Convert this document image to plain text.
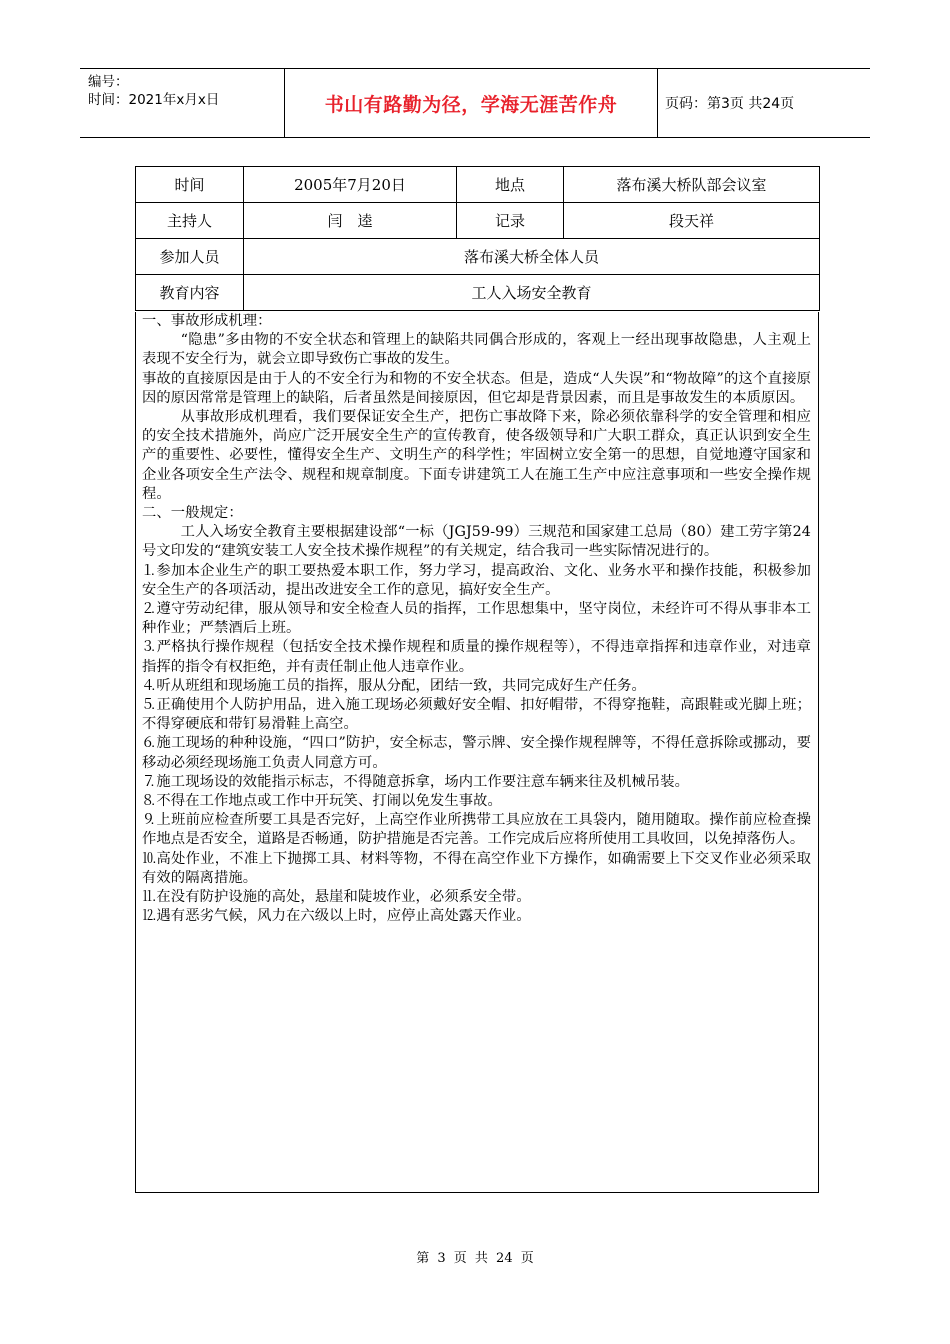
编号：
时间：2021年x月x日	书山有路勤为径，学海无涯苦作舟	页码：第3页 共24页
时间	2005年7月20日	地点	落布溪大桥队部会议室
主持人	闫　逵	记录	段天祥
参加人员	落布溪大桥全体人员		
教育内容	工人入场安全教育		

一、事故形成机理：

“隐患”多由物的不安全状态和管理上的缺陷共同偶合形成的，客观上一经出现事故隐患，人主观上表现不安全行为，就会立即导致伤亡事故的发生。

事故的直接原因是由于人的不安全行为和物的不安全状态。但是，造成“人失误”和“物故障”的这个直接原因的原因常常是管理上的缺陷，后者虽然是间接原因，但它却是背景因素，而且是事故发生的本质原因。

从事故形成机理看，我们要保证安全生产，把伤亡事故降下来，除必须依靠科学的安全管理和相应的安全技术措施外，尚应广泛开展安全生产的宣传教育，使各级领导和广大职工群众，真正认识到安全生产的重要性、必要性，懂得安全生产、文明生产的科学性；牢固树立安全第一的思想，自觉地遵守国家和企业各项安全生产法令、规程和规章制度。下面专讲建筑工人在施工生产中应注意事项和一些安全操作规程。

二、一般规定：

工人入场安全教育主要根据建设部“一标（JGJ59-99）三规范和国家建工总局（80）建工劳字第24号文印发的“建筑安装工人安全技术操作规程”的有关规定，结合我司一些实际情况进行的。

⒈参加本企业生产的职工要热爱本职工作，努力学习，提高政治、文化、业务水平和操作技能，积极参加安全生产的各项活动，提出改进安全工作的意见，搞好安全生产。

⒉遵守劳动纪律，服从领导和安全检查人员的指挥，工作思想集中，坚守岗位，未经许可不得从事非本工种作业；严禁酒后上班。

⒊严格执行操作规程（包括安全技术操作规程和质量的操作规程等），不得违章指挥和违章作业，对违章指挥的指令有权拒绝，并有责任制止他人违章作业。

⒋听从班组和现场施工员的指挥，服从分配，团结一致，共同完成好生产任务。

⒌正确使用个人防护用品，进入施工现场必须戴好安全帽、扣好帽带，不得穿拖鞋，高跟鞋或光脚上班；不得穿硬底和带钉易滑鞋上高空。

⒍施工现场的种种设施，“四口”防护，安全标志，警示牌、安全操作规程牌等，不得任意拆除或挪动，要移动必须经现场施工负责人同意方可。

⒎施工现场设的效能指示标志，不得随意拆拿，场内工作要注意车辆来往及机械吊装。

⒏不得在工作地点或工作中开玩笑、打闹以免发生事故。

⒐上班前应检查所要工具是否完好，上高空作业所携带工具应放在工具袋内，随用随取。操作前应检查操作地点是否安全，道路是否畅通，防护措施是否完善。工作完成后应将所使用工具收回，以免掉落伤人。

⒑高处作业，不准上下抛掷工具、材料等物，不得在高空作业下方操作，如确需要上下交叉作业必须采取有效的隔离措施。

⒒在没有防护设施的高处，悬崖和陡坡作业，必须系安全带。

⒓遇有恶劣气候，风力在六级以上时，应停止高处露天作业。

第 3 页 共 24 页
